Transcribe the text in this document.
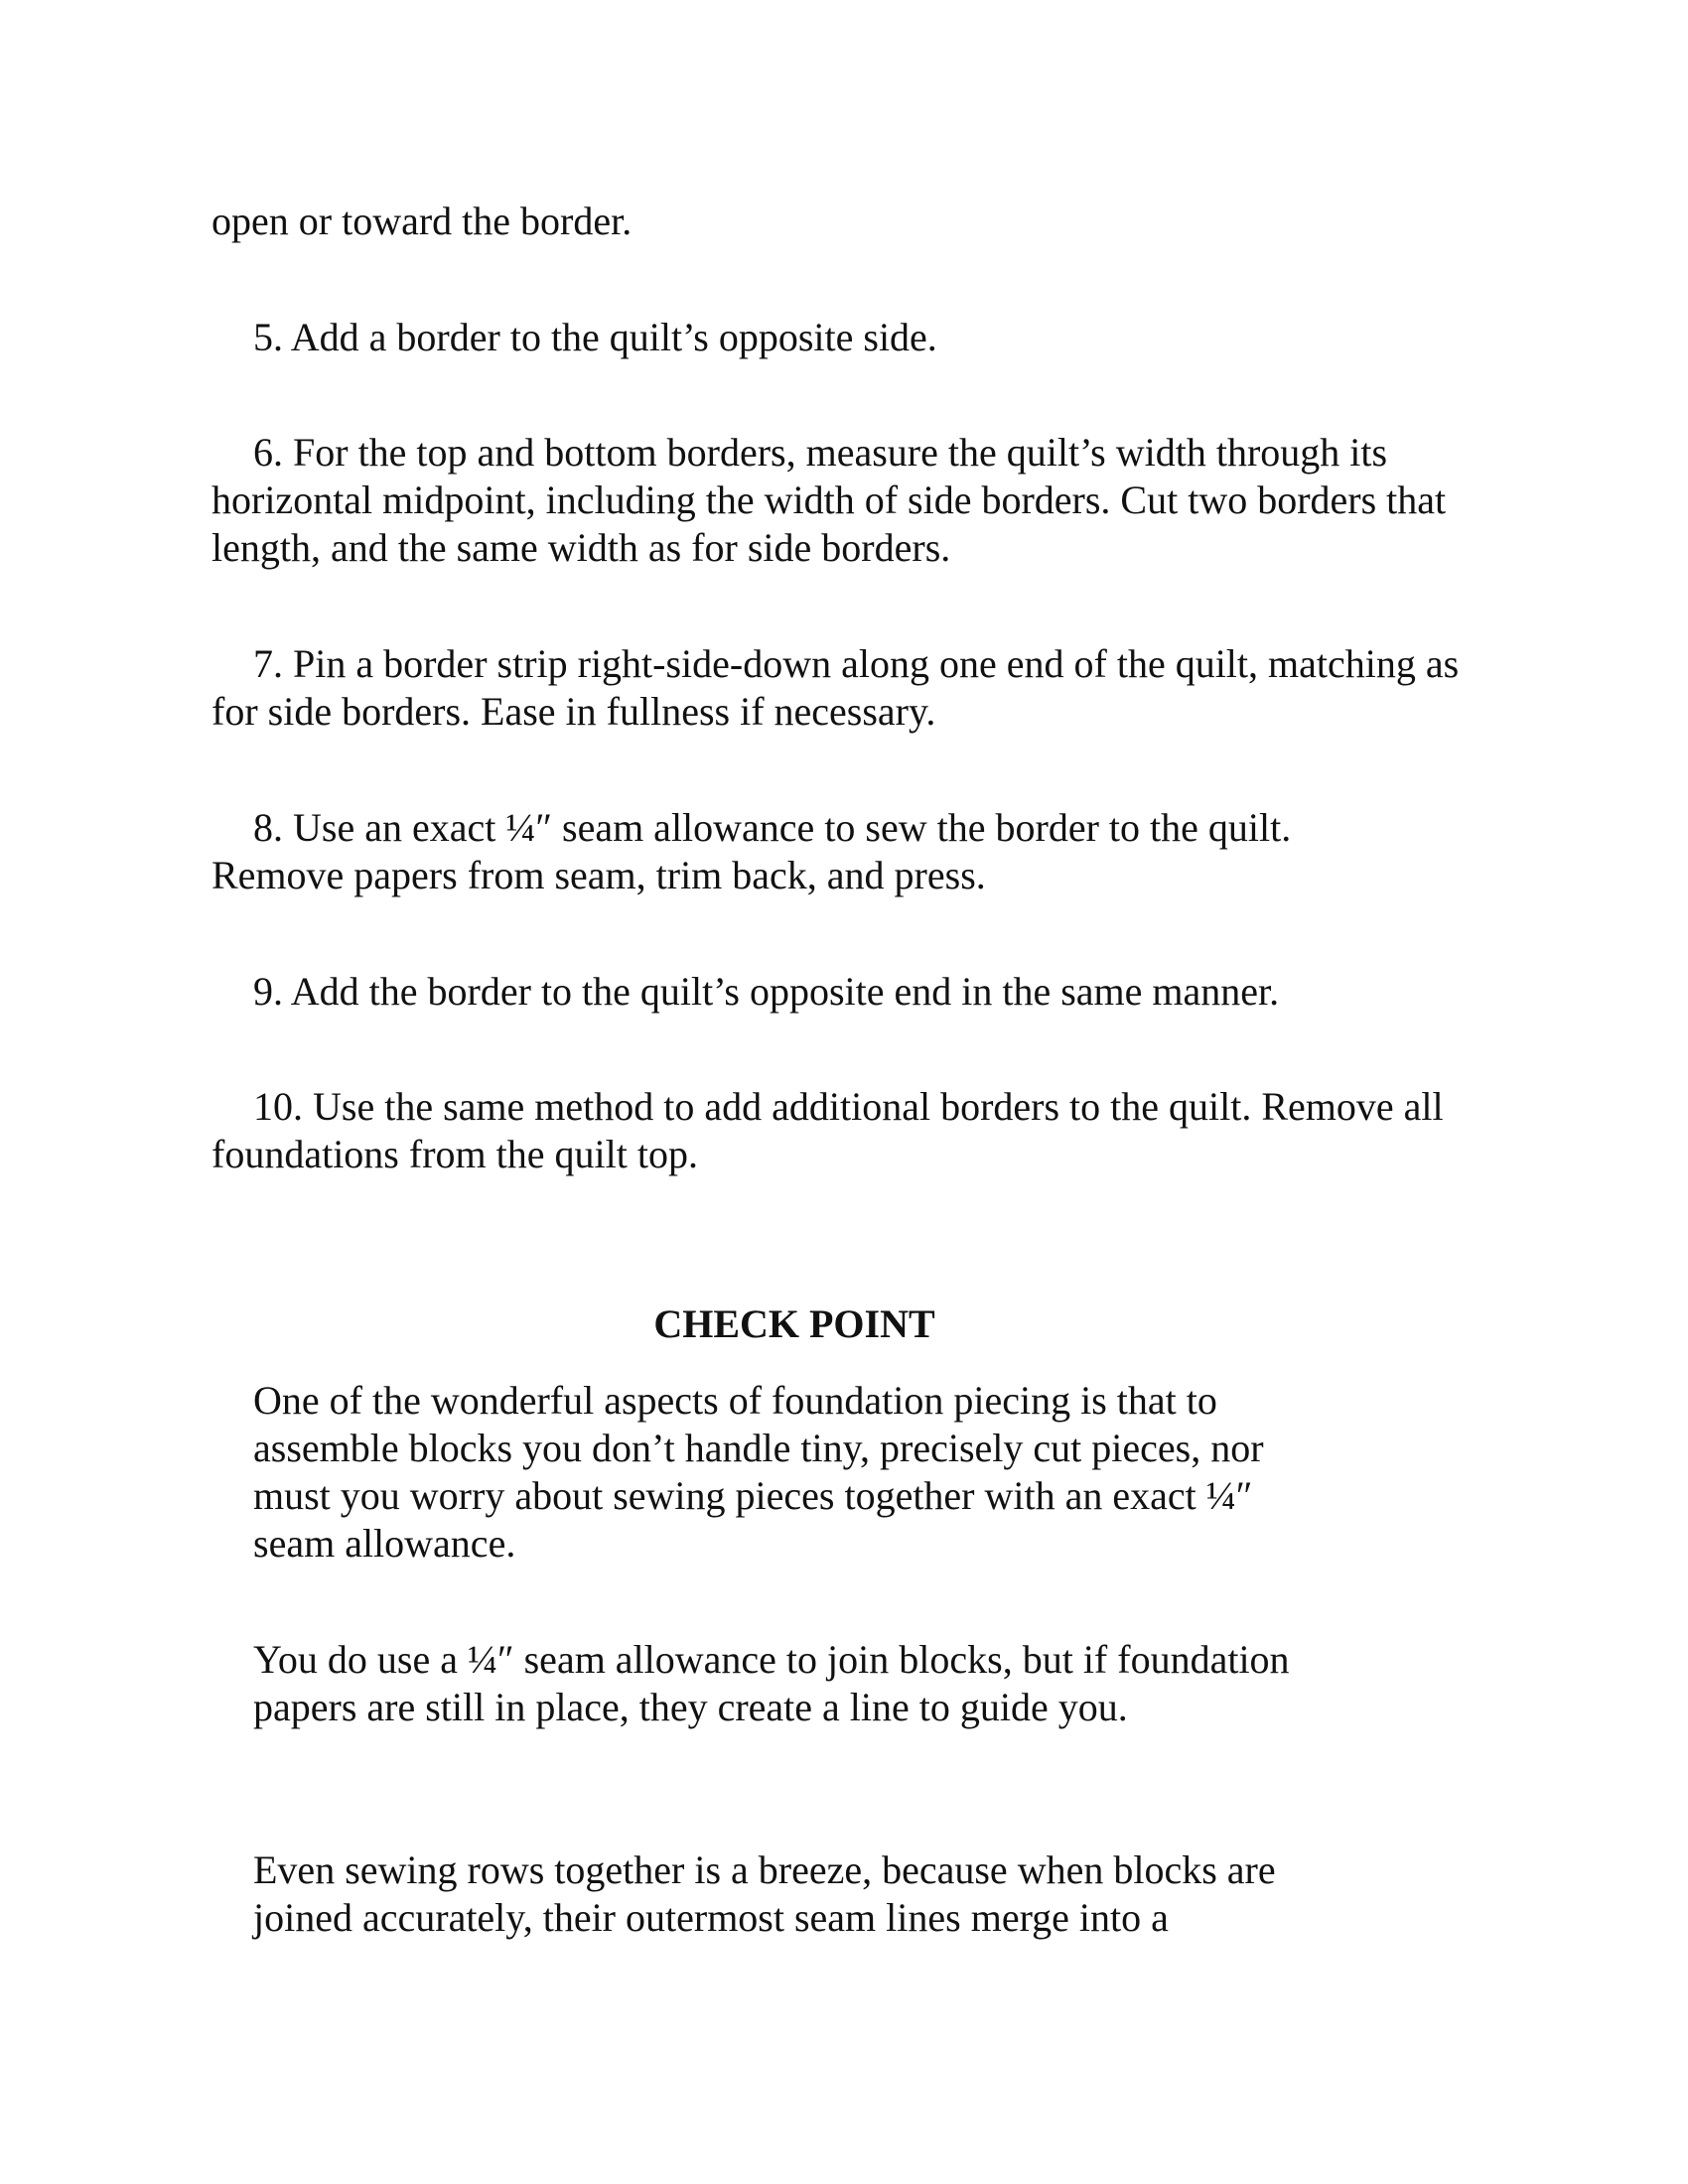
open or toward the border.

5. Add a border to the quilt’s opposite side.

6. For the top and bottom borders, measure the quilt’s width through its horizontal midpoint, including the width of side borders. Cut two borders that length, and the same width as for side borders.

7. Pin a border strip right-side-down along one end of the quilt, matching as for side borders. Ease in fullness if necessary.

8. Use an exact ¼″ seam allowance to sew the border to the quilt. Remove papers from seam, trim back, and press.

9. Add the border to the quilt’s opposite end in the same manner.

10. Use the same method to add additional borders to the quilt. Remove all foundations from the quilt top.

CHECK POINT

One of the wonderful aspects of foundation piecing is that to assemble blocks you don’t handle tiny, precisely cut pieces, nor must you worry about sewing pieces together with an exact ¼″ seam allowance.

You do use a ¼″ seam allowance to join blocks, but if foundation papers are still in place, they create a line to guide you.

Even sewing rows together is a breeze, because when blocks are joined accurately, their outermost seam lines merge into a
